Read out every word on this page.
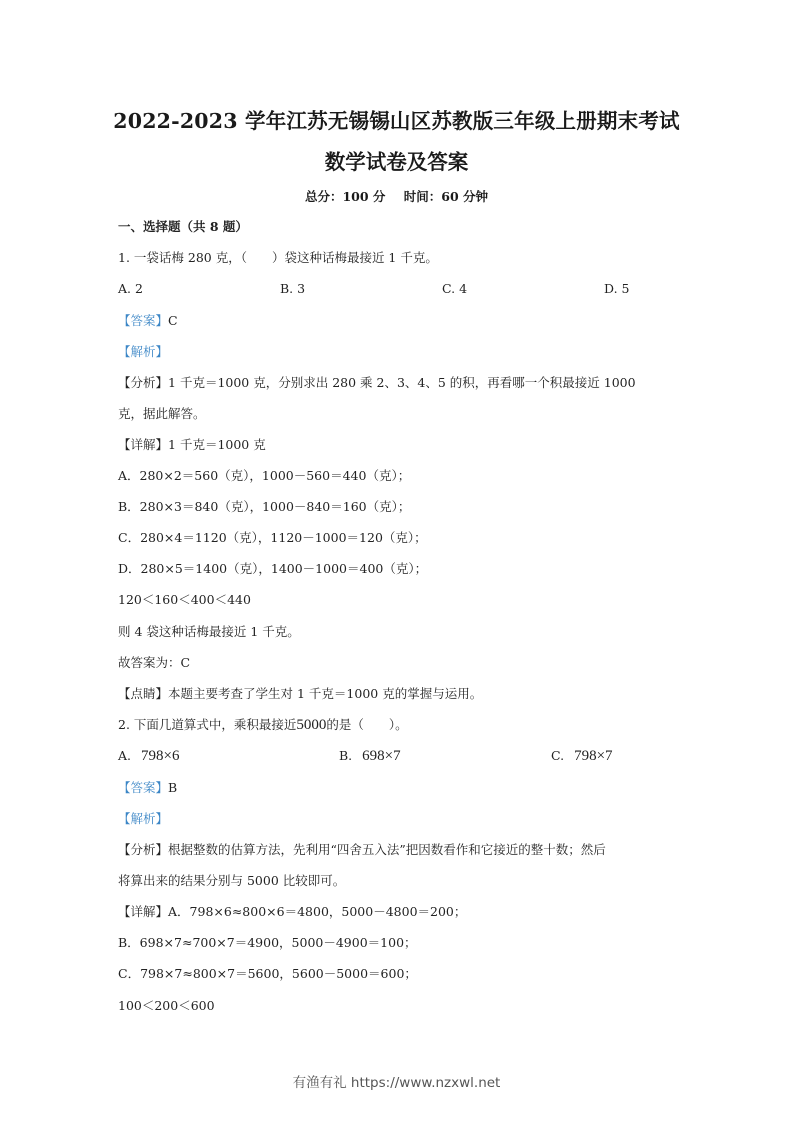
2022-2023 学年江苏无锡锡山区苏教版三年级上册期末考试
数学试卷及答案
总分：100 分 时间：60 分钟
一、选择题（共 8 题）
1. 一袋话梅 280 克，（　　）袋这种话梅最接近 1 千克。
A. 2	B. 3	C. 4	D. 5
【答案】C
【解析】
【分析】1 千克＝1000 克，分别求出 280 乘 2、3、4、5 的积，再看哪一个积最接近 1000
克，据此解答。
【详解】1 千克＝1000 克
A．280×2＝560（克），1000－560＝440（克）；
B．280×3＝840（克），1000－840＝160（克）；
C．280×4＝1120（克），1120－1000＝120（克）；
D．280×5＝1400（克），1400－1000＝400（克）；
120＜160＜400＜440
则 4 袋这种话梅最接近 1 千克。
故答案为：C
【点睛】本题主要考查了学生对 1 千克＝1000 克的掌握与运用。
2. 下面几道算式中，乘积最接近5000的是（　　）。
A. 798×6	B. 698×7	C. 798×7
【答案】B
【解析】
【分析】根据整数的估算方法，先利用“四舍五入法”把因数看作和它接近的整十数；然后
将算出来的结果分别与 5000 比较即可。
【详解】A．798×6≈800×6＝4800，5000－4800＝200；
B．698×7≈700×7＝4900，5000－4900＝100；
C．798×7≈800×7＝5600，5600－5000＝600；
100＜200＜600
有渔有礼 https://www.nzxwl.net
